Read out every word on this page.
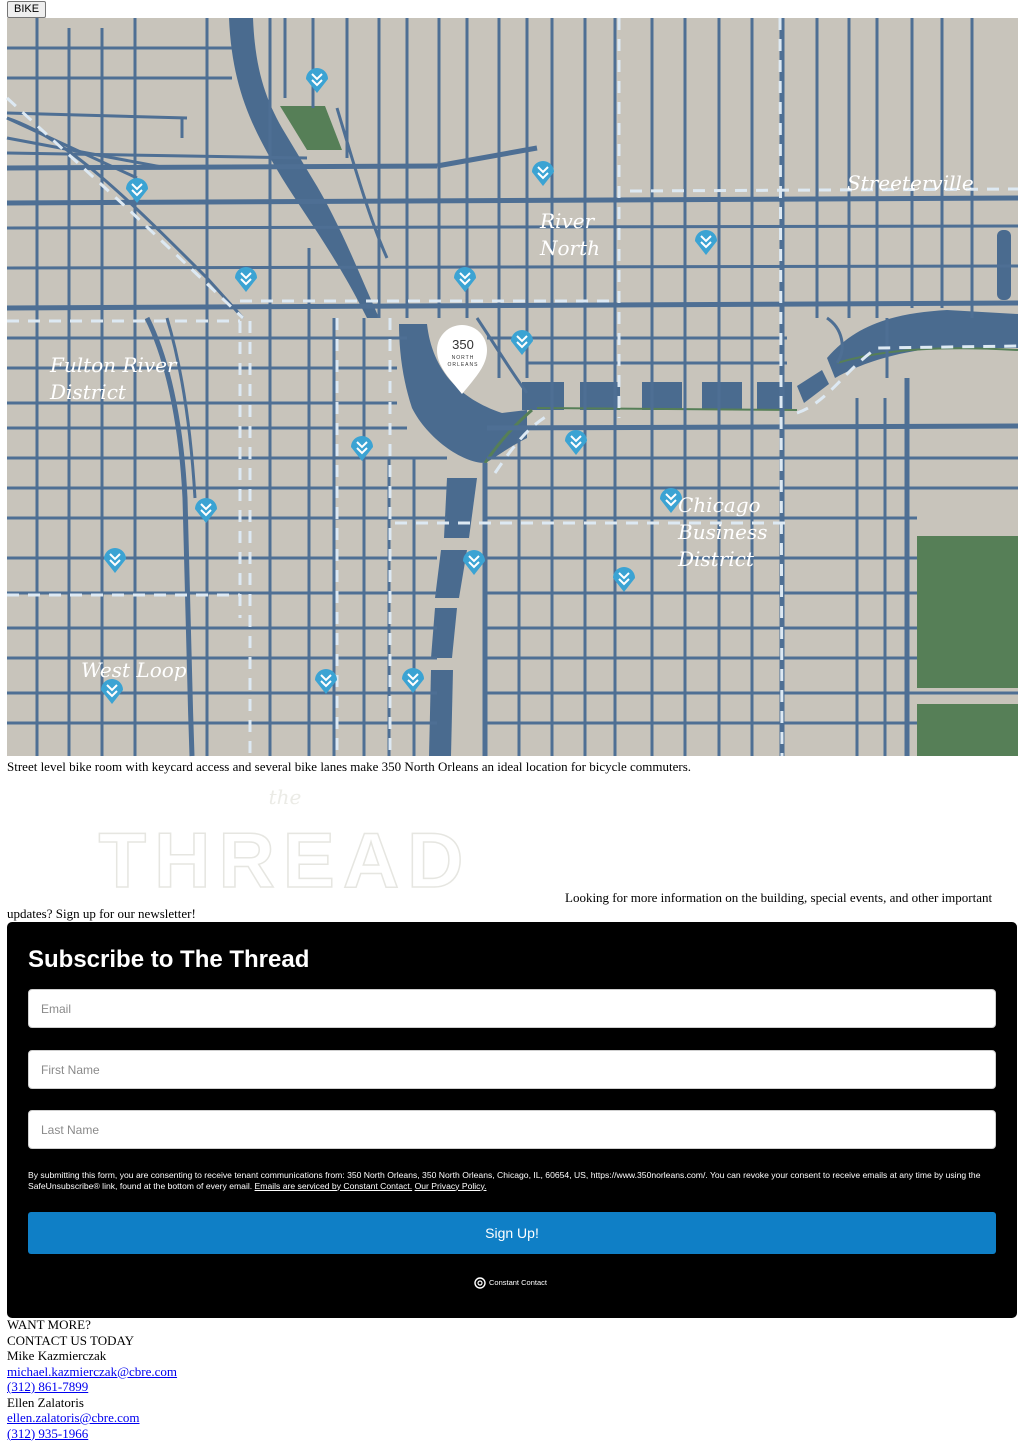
BIKE
350
NORTH
ORLEANS
Streeterville
River North
Fulton River District
Chicago Business District
West Loop
Street level bike room with keycard access and several bike lanes make 350 North Orleans an ideal location for bicycle commuters.
the
THREAD	Looking for more information on the building, special events, and other important updates? Sign up for our newsletter!
Subscribe to The Thread
Email
First Name
Last Name

By submitting this form, you are consenting to receive tenant communications from: 350 North Orleans, 350 North Orleans, Chicago, IL, 60654, US, https://www.350norleans.com/. You can revoke your consent to receive emails at any time by using the SafeUnsubscribe® link, found at the bottom of every email. Emails are serviced by Constant Contact. Our Privacy Policy.

Sign Up!
Constant Contact
WANT MORE?
CONTACT US TODAY
Mike Kazmierczak
michael.kazmierczak@cbre.com
(312) 861-7899
Ellen Zalatoris
ellen.zalatoris@cbre.com
(312) 935-1966
